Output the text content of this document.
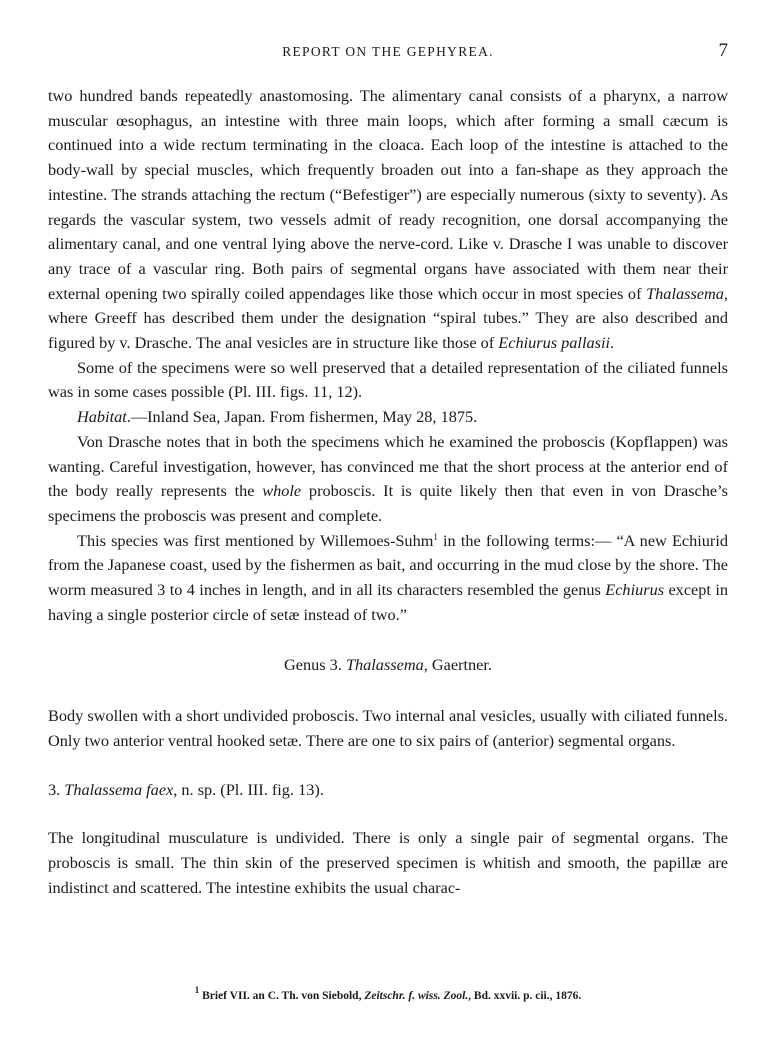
REPORT ON THE GEPHYREA.	7

two hundred bands repeatedly anastomosing. The alimentary canal consists of a pharynx, a narrow muscular œsophagus, an intestine with three main loops, which after forming a small cæcum is continued into a wide rectum terminating in the cloaca. Each loop of the intestine is attached to the body-wall by special muscles, which frequently broaden out into a fan-shape as they approach the intestine. The strands attaching the rectum (“Befestiger”) are especially numerous (sixty to seventy). As regards the vascular system, two vessels admit of ready recognition, one dorsal accompanying the alimentary canal, and one ventral lying above the nerve-cord. Like v. Drasche I was unable to discover any trace of a vascular ring. Both pairs of segmental organs have associated with them near their external opening two spirally coiled appendages like those which occur in most species of Thalassema, where Greeff has described them under the designation “spiral tubes.” They are also described and figured by v. Drasche. The anal vesicles are in structure like those of Echiurus pallasii.

Some of the specimens were so well preserved that a detailed representation of the ciliated funnels was in some cases possible (Pl. III. figs. 11, 12).

Habitat.—Inland Sea, Japan. From fishermen, May 28, 1875.

Von Drasche notes that in both the specimens which he examined the proboscis (Kopflappen) was wanting. Careful investigation, however, has convinced me that the short process at the anterior end of the body really represents the whole proboscis. It is quite likely then that even in von Drasche’s specimens the proboscis was present and complete.

This species was first mentioned by Willemoes-Suhm$^1$ in the following terms:— “A new Echiurid from the Japanese coast, used by the fishermen as bait, and occurring in the mud close by the shore. The worm measured 3 to 4 inches in length, and in all its characters resembled the genus Echiurus except in having a single posterior circle of setæ instead of two.”

Genus 3. Thalassema, Gaertner.

Body swollen with a short undivided proboscis. Two internal anal vesicles, usually with ciliated funnels. Only two anterior ventral hooked setæ. There are one to six pairs of (anterior) segmental organs.

3. Thalassema faex, n. sp. (Pl. III. fig. 13).

The longitudinal musculature is undivided. There is only a single pair of segmental organs. The proboscis is small. The thin skin of the preserved specimen is whitish and smooth, the papillæ are indistinct and scattered. The intestine exhibits the usual charac-

$^1$ Brief VII. an C. Th. von Siebold, Zeitschr. f. wiss. Zool., Bd. xxvii. p. cii., 1876.
